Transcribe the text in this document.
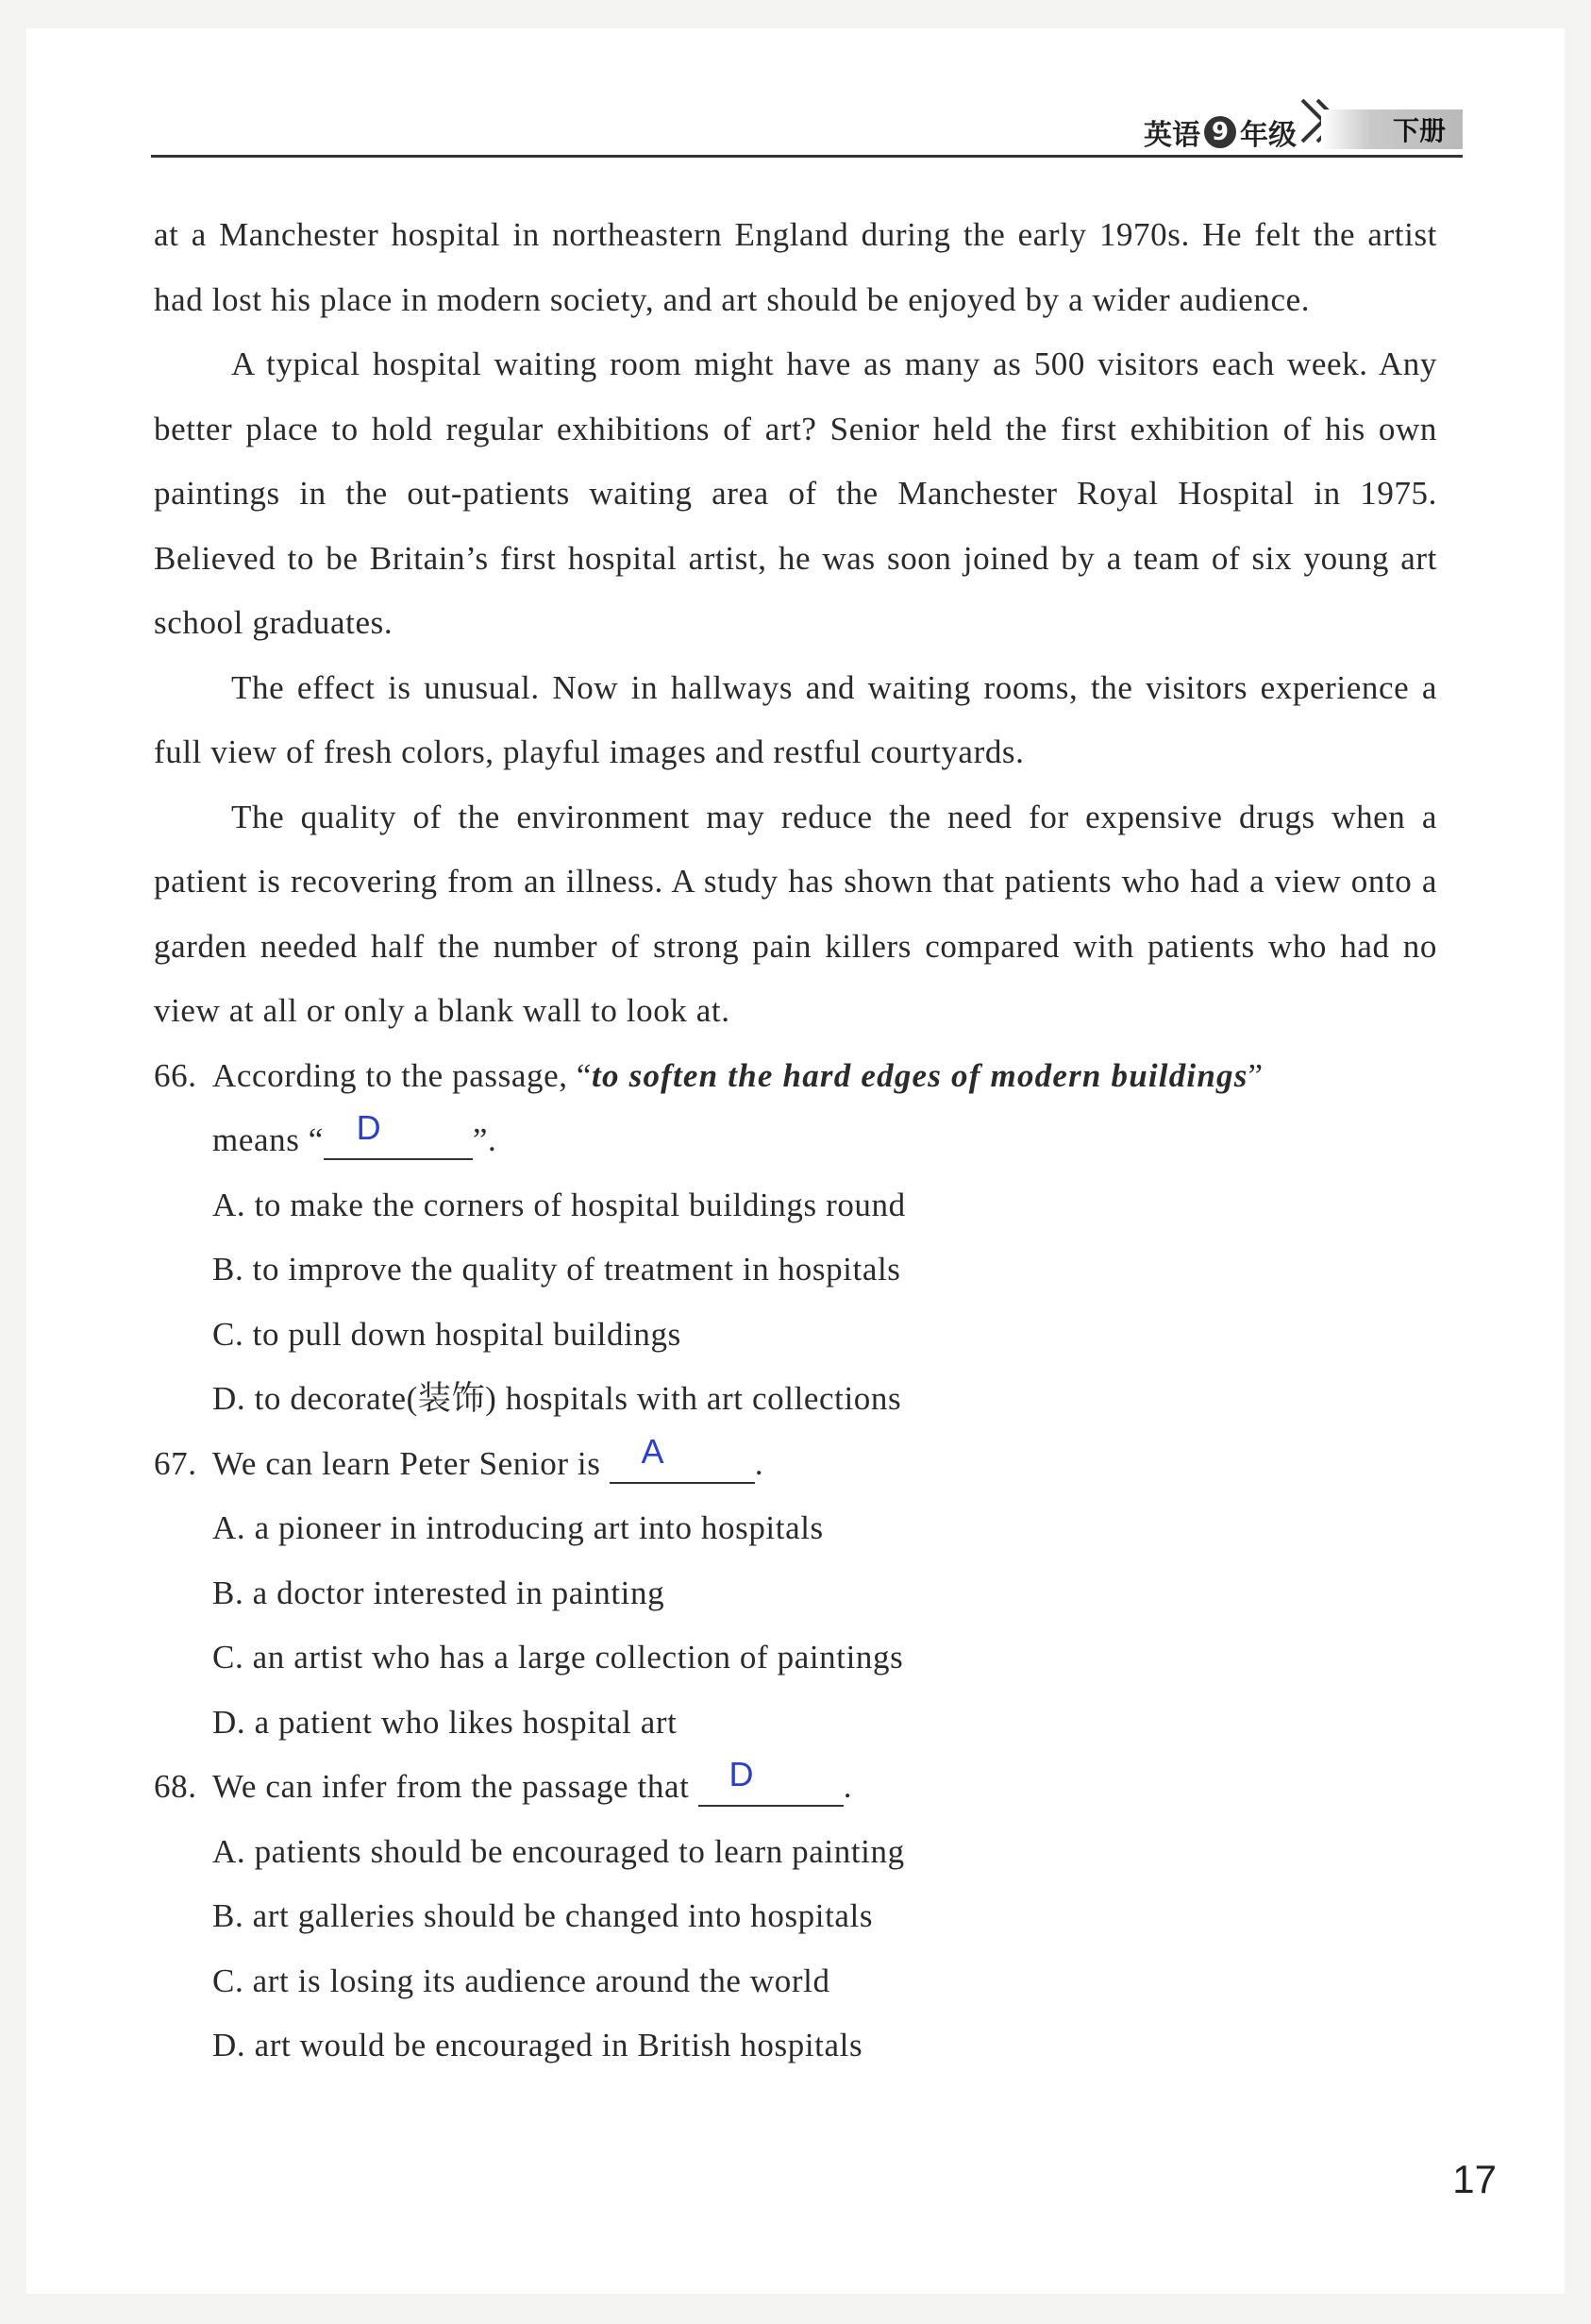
英语 9 年级	下册

at a Manchester hospital in northeastern England during the early 1970s. He felt the artist had lost his place in modern society, and art should be enjoyed by a wider audience.

A typical hospital waiting room might have as many as 500 visitors each week. Any better place to hold regular exhibitions of art? Senior held the first exhibition of his own paintings in the out-patients waiting area of the Manchester Royal Hospital in 1975. Believed to be Britain’s first hospital artist, he was soon joined by a team of six young art school graduates.

The effect is unusual. Now in hallways and waiting rooms, the visitors experience a full view of fresh colors, playful images and restful courtyards.

The quality of the environment may reduce the need for expensive drugs when a patient is recovering from an illness. A study has shown that patients who had a view onto a garden needed half the number of strong pain killers compared with patients who had no view at all or only a blank wall to look at.

66. According to the passage, “to soften the hard edges of modern buildings”
means “ D	”.
A. to make the corners of hospital buildings round
B. to improve the quality of treatment in hospitals
C. to pull down hospital buildings
D. to decorate(装饰) hospitals with art collections
67. We can learn Peter Senior is A	.
A. a pioneer in introducing art into hospitals
B. a doctor interested in painting
C. an artist who has a large collection of paintings
D. a patient who likes hospital art
68. We can infer from the passage that D	.
A. patients should be encouraged to learn painting
B. art galleries should be changed into hospitals
C. art is losing its audience around the world
D. art would be encouraged in British hospitals
17
